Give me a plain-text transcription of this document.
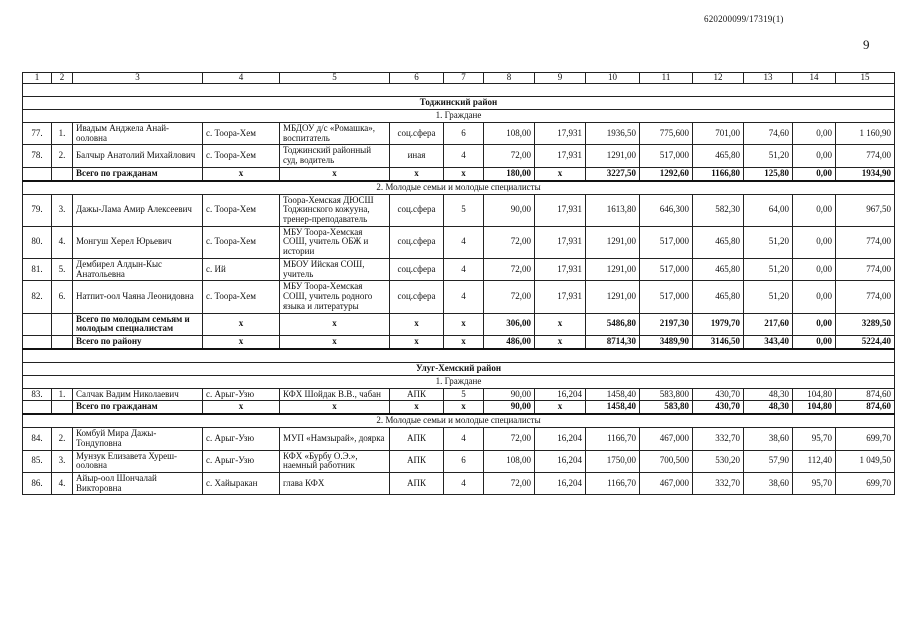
620200099/17319(1)
9
1	2	3	4	5	6	7	8	9	10	11	12	13	14	15

Тоджинский район														
1. Граждане														
77.	1.	Ивадым Анджела Анай-ооловна	с. Тоора-Хем	МБДОУ д/с «Ромашка», воспитатель	соц.сфера	6	108,00	17,931	1936,50	775,600	701,00	74,60	0,00	1 160,90
78.	2.	Балчыр Анатолий Михайлович	с. Тоора-Хем	Тоджинский районный суд, водитель	иная	4	72,00	17,931	1291,00	517,000	465,80	51,20	0,00	774,00
		Всего по гражданам	х	х	х	х	180,00	х	3227,50	1292,60	1166,80	125,80	0,00	1934,90
2. Молодые семьи и молодые специалисты														
79.	3.	Дажы-Лама Амир Алексеевич	с. Тоора-Хем	Тоора-Хемская ДЮСШ Тоджинского кожууна, тренер-преподаватель	соц.сфера	5	90,00	17,931	1613,80	646,300	582,30	64,00	0,00	967,50
80.	4.	Монгуш Херел Юрьевич	с. Тоора-Хем	МБУ Тоора-Хемская СОШ, учитель ОБЖ и истории	соц.сфера	4	72,00	17,931	1291,00	517,000	465,80	51,20	0,00	774,00
81.	5.	Дембирел Алдын-Кыс Анатольевна	с. Ий	МБОУ Ийская СОШ, учитель	соц.сфера	4	72,00	17,931	1291,00	517,000	465,80	51,20	0,00	774,00
82.	6.	Натпит-оол Чаяна Леонидовна	с. Тоора-Хем	МБУ Тоора-Хемская СОШ, учитель родного языка и литературы	соц.сфера	4	72,00	17,931	1291,00	517,000	465,80	51,20	0,00	774,00
		Всего по молодым семьям и молодым специалистам	х	х	х	х	306,00	х	5486,80	2197,30	1979,70	217,60	0,00	3289,50
		Всего по району	х	х	х	х	486,00	х	8714,30	3489,90	3146,50	343,40	0,00	5224,40

Улуг-Хемский район														
1. Граждане														
83.	1.	Салчак Вадим Николаевич	с. Арыг-Узю	КФХ Шойдак В.В., чабан	АПК	5	90,00	16,204	1458,40	583,800	430,70	48,30	104,80	874,60
		Всего по гражданам	х	х	х	х	90,00	х	1458,40	583,80	430,70	48,30	104,80	874,60
2. Молодые семьи и молодые специалисты														
84.	2.	Комбуй Мира Дажы-Тондуповна	с. Арыг-Узю	МУП «Намзырай», доярка	АПК	4	72,00	16,204	1166,70	467,000	332,70	38,60	95,70	699,70
85.	3.	Мунзук Елизавета Хуреш-ооловна	с. Арыг-Узю	КФХ «Бурбу О.Э.», наемный работник	АПК	6	108,00	16,204	1750,00	700,500	530,20	57,90	112,40	1 049,50
86.	4.	Айыр-оол Шончалай Викторовна	с. Хайыракан	глава КФХ	АПК	4	72,00	16,204	1166,70	467,000	332,70	38,60	95,70	699,70
